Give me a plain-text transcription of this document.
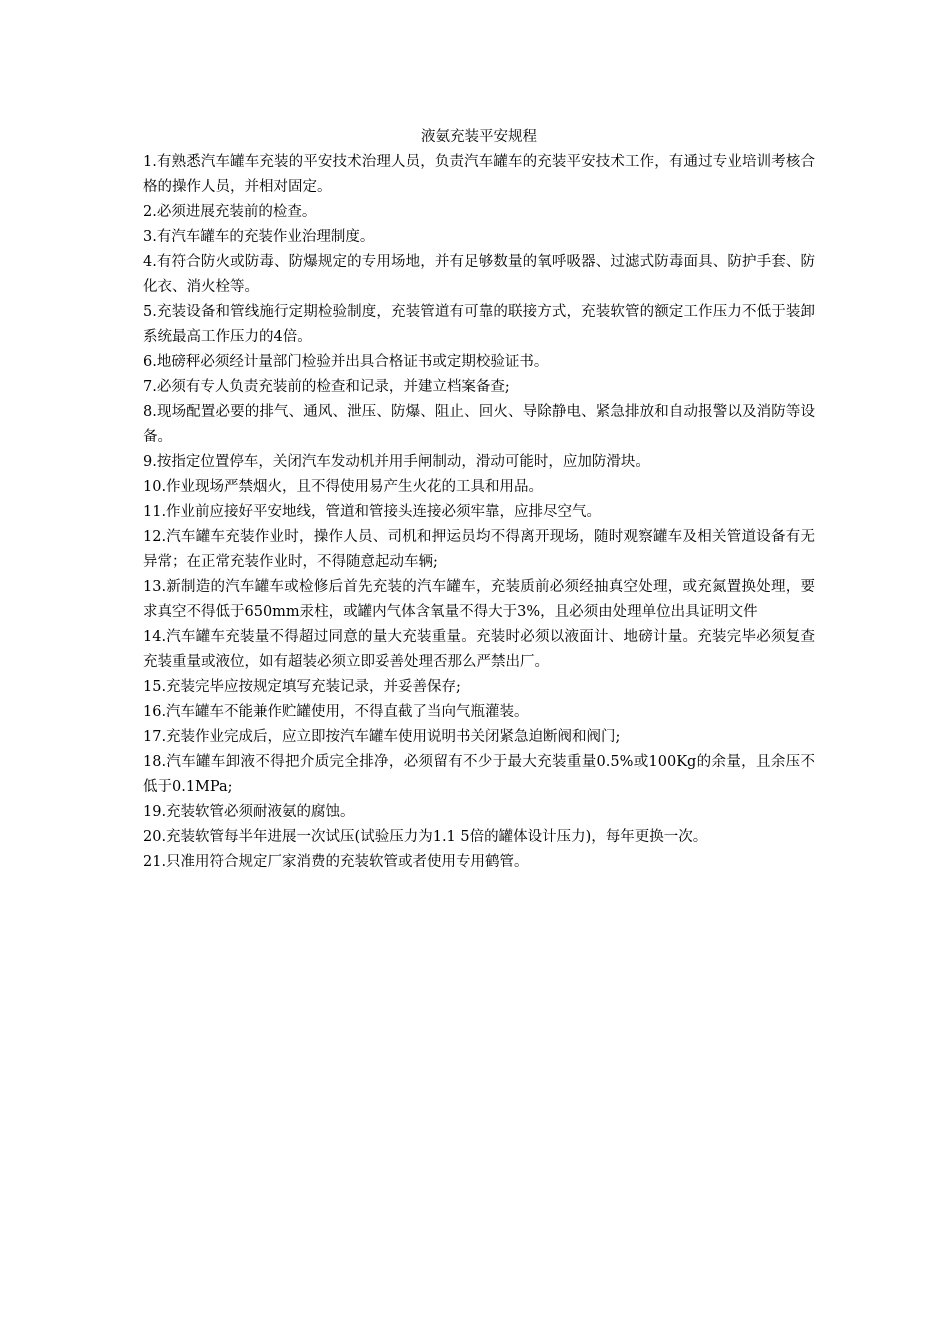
液氨充装平安规程

1.有熟悉汽车罐车充装的平安技术治理人员，负责汽车罐车的充装平安技术工作，有通过专业培训考核合格的操作人员，并相对固定。

2.必须进展充装前的检查。

3.有汽车罐车的充装作业治理制度。

4.有符合防火或防毒、防爆规定的专用场地，并有足够数量的氧呼吸器、过滤式防毒面具、防护手套、防化衣、消火栓等。

5.充装设备和管线施行定期检验制度，充装管道有可靠的联接方式，充装软管的额定工作压力不低于装卸系统最高工作压力的4倍。

6.地磅秤必须经计量部门检验并出具合格证书或定期校验证书。

7.必须有专人负责充装前的检查和记录，并建立档案备查;

8.现场配置必要的排气、通风、泄压、防爆、阻止、回火、导除静电、紧急排放和自动报警以及消防等设备。

9.按指定位置停车，关闭汽车发动机并用手闸制动，滑动可能时，应加防滑块。

10.作业现场严禁烟火，且不得使用易产生火花的工具和用品。

11.作业前应接好平安地线，管道和管接头连接必须牢靠，应排尽空气。

12.汽车罐车充装作业时，操作人员、司机和押运员均不得离开现场，随时观察罐车及相关管道设备有无异常；在正常充装作业时，不得随意起动车辆;

13.新制造的汽车罐车或检修后首先充装的汽车罐车，充装质前必须经抽真空处理，或充氮置换处理，要求真空不得低于650mm汞柱，或罐内气体含氧量不得大于3%，且必须由处理单位出具证明文件

14.汽车罐车充装量不得超过同意的量大充装重量。充装时必须以液面计、地磅计量。充装完毕必须复查充装重量或液位，如有超装必须立即妥善处理否那么严禁出厂。

15.充装完毕应按规定填写充装记录，并妥善保存;

16.汽车罐车不能兼作贮罐使用，不得直截了当向气瓶灌装。

17.充装作业完成后，应立即按汽车罐车使用说明书关闭紧急迫断阀和阀门;

18.汽车罐车卸液不得把介质完全排净，必须留有不少于最大充装重量0.5%或100Kg的余量，且余压不低于0.1MPa;

19.充装软管必须耐液氨的腐蚀。

20.充装软管每半年进展一次试压(试验压力为1.1 5倍的罐体设计压力)，每年更换一次。

21.只准用符合规定厂家消费的充装软管或者使用专用鹤管。
